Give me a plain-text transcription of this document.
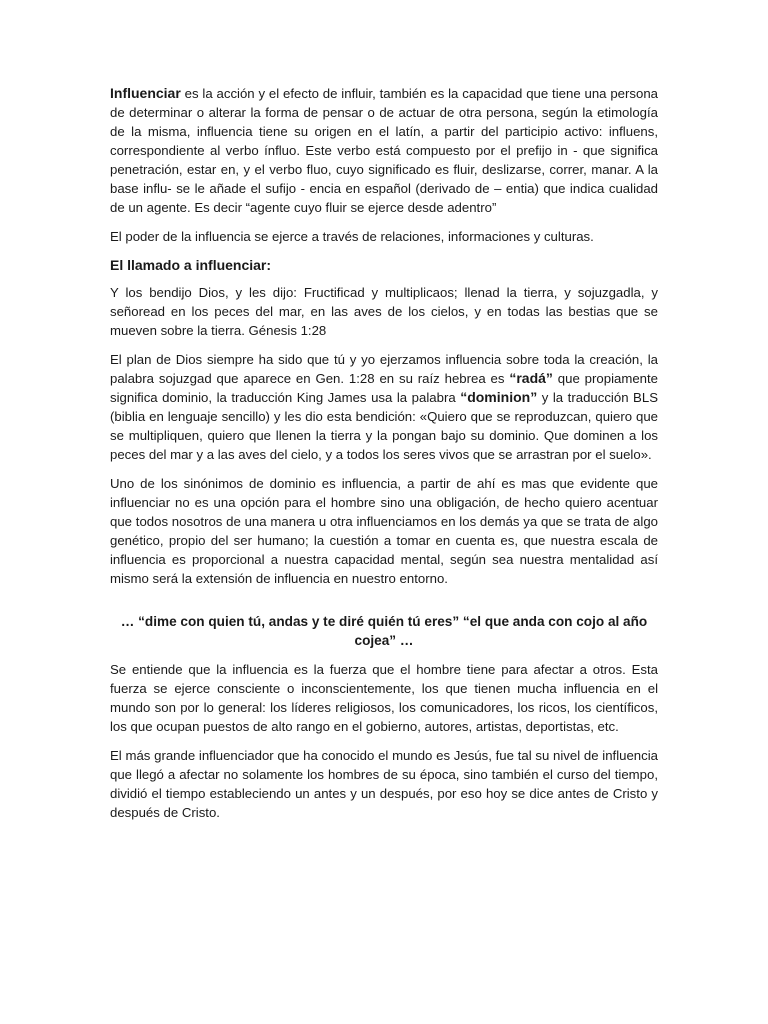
Influenciar es la acción y el efecto de influir, también es la capacidad que tiene una persona de determinar o alterar la forma de pensar o de actuar de otra persona, según la etimología de la misma, influencia tiene su origen en el latín, a partir del participio activo: influens, correspondiente al verbo ínfluo. Este verbo está compuesto por el prefijo in - que significa penetración, estar en, y el verbo fluo, cuyo significado es fluir, deslizarse, correr, manar. A la base influ- se le añade el sufijo - encia en español (derivado de – entia) que indica cualidad de un agente. Es decir “agente cuyo fluir se ejerce desde adentro”

El poder de la influencia se ejerce a través de relaciones, informaciones y culturas.

El llamado a influenciar:

Y los bendijo Dios, y les dijo: Fructificad y multiplicaos; llenad la tierra, y sojuzgadla, y señoread en los peces del mar, en las aves de los cielos, y en todas las bestias que se mueven sobre la tierra. Génesis 1:28

El plan de Dios siempre ha sido que tú y yo ejerzamos influencia sobre toda la creación, la palabra sojuzgad que aparece en Gen. 1:28 en su raíz hebrea es “radá” que propiamente significa dominio, la traducción King James usa la palabra “dominion” y la traducción BLS (biblia en lenguaje sencillo) y les dio esta bendición: «Quiero que se reproduzcan, quiero que se multipliquen, quiero que llenen la tierra y la pongan bajo su dominio. Que dominen a los peces del mar y a las aves del cielo, y a todos los seres vivos que se arrastran por el suelo».

Uno de los sinónimos de dominio es influencia, a partir de ahí es mas que evidente que influenciar no es una opción para el hombre sino una obligación, de hecho quiero acentuar que todos nosotros de una manera u otra influenciamos en los demás ya que se trata de algo genético, propio del ser humano; la cuestión a tomar en cuenta es, que nuestra escala de influencia es proporcional a nuestra capacidad mental, según sea nuestra mentalidad así mismo será la extensión de influencia en nuestro entorno.

… “dime con quien tú, andas y te diré quién tú eres” “el que anda con cojo al año cojea” …

Se entiende que la influencia es la fuerza que el hombre tiene para afectar a otros. Esta fuerza se ejerce consciente o inconscientemente, los que tienen mucha influencia en el mundo son por lo general: los líderes religiosos, los comunicadores, los ricos, los científicos, los que ocupan puestos de alto rango en el gobierno, autores, artistas, deportistas, etc.

El más grande influenciador que ha conocido el mundo es Jesús, fue tal su nivel de influencia que llegó a afectar no solamente los hombres de su época, sino también el curso del tiempo, dividió el tiempo estableciendo un antes y un después, por eso hoy se dice antes de Cristo y después de Cristo.
